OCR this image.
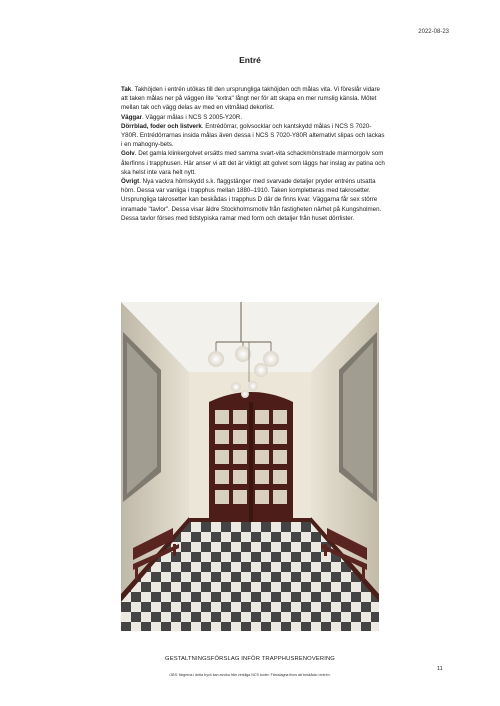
2022-08-23
Entré

Tak. Takhöjden i entrén utökas till den ursprungliga takhöjden och målas vita. Vi föreslår vidare att taken målas ner på väggen lite "extra" långt ner för att skapa en mer rumslig känsla. Mötet mellan tak och vägg delas av med en vitmålad dekorlist.

Väggar. Väggar målas i NCS S 2005-Y20R.

Dörrblad, foder och listverk. Entrédörrar, golvsocklar och kantskydd målas i NCS S 7020-Y80R. Entrédörrarnas insida målas även dessa i NCS S 7020-Y80R alternativt slipas och lackas i en mahogny-bets.

Golv. Det gamla klinkergolvet ersätts med samma svart-vita schackmönstrade marmorgolv som återfinns i trapphusen. Här anser vi att det är viktigt att golvet som läggs har inslag av patina och ska helst inte vara helt nytt.

Övrigt. Nya vackra hörnskydd s.k. flaggstänger med svarvade detaljer pryder entréns utsatta hörn. Dessa var vanliga i trapphus mellan 1880–1910. Taken kompletteras med takrosetter. Ursprungliga takrosetter kan beskådas i trapphus D där de finns kvar. Väggarna får sex större inramade "tavlor". Dessa visar äldre Stockholmsmotiv från fastigheten närhet på Kungsholmen. Dessa tavlor förses med tidstypiska ramar med form och detaljer från huset dörrlister.

GESTALTNINGSFÖRSLAG INFÖR TRAPPHUSRENOVERING
11
OBS: färgerna i detta tryck kan avvika från verkliga NCS koder. Färsslagna finns att beskåda i entrén.
